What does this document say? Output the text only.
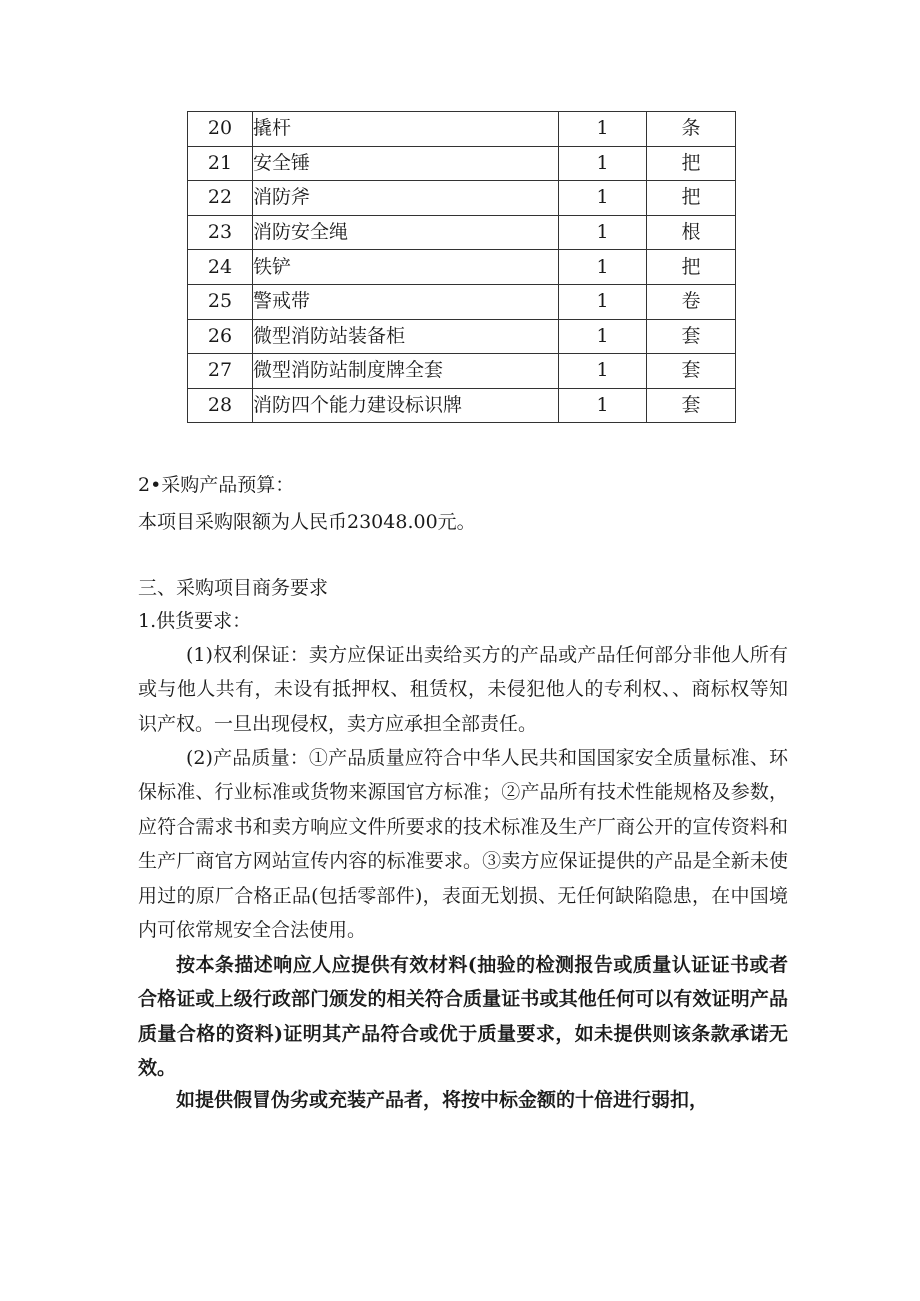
20	撬杆	1	条
21	安全锤	1	把
22	消防斧	1	把
23	消防安全绳	1	根
24	铁铲	1	把
25	警戒带	1	卷
26	微型消防站装备柜	1	套
27	微型消防站制度牌全套	1	套
28	消防四个能力建设标识牌	1	套
2•采购产品预算：
本项目采购限额为人民币23048.00元。
三、采购项目商务要求
1.供货要求：
(1)权利保证：卖方应保证出卖给买方的产品或产品任何部分非他人所有或与他人共有，未设有抵押权、租赁权，未侵犯他人的专利权、、商标权等知识产权。一旦出现侵权，卖方应承担全部责任。
(2)产品质量：①产品质量应符合中华人民共和国国家安全质量标准、环保标准、行业标准或货物来源国官方标准；②产品所有技术性能规格及参数，应符合需求书和卖方响应文件所要求的技术标准及生产厂商公开的宣传资料和生产厂商官方网站宣传内容的标准要求。③卖方应保证提供的产品是全新未使用过的原厂合格正品(包括零部件)，表面无划损、无任何缺陷隐患，在中国境内可依常规安全合法使用。
按本条描述响应人应提供有效材料(抽验的检测报告或质量认证证书或者合格证或上级行政部门颁发的相关符合质量证书或其他任何可以有效证明产品质量合格的资料)证明其产品符合或优于质量要求，如未提供则该条款承诺无效。
如提供假冒伪劣或充装产品者，将按中标金额的十倍进行弱扣，
